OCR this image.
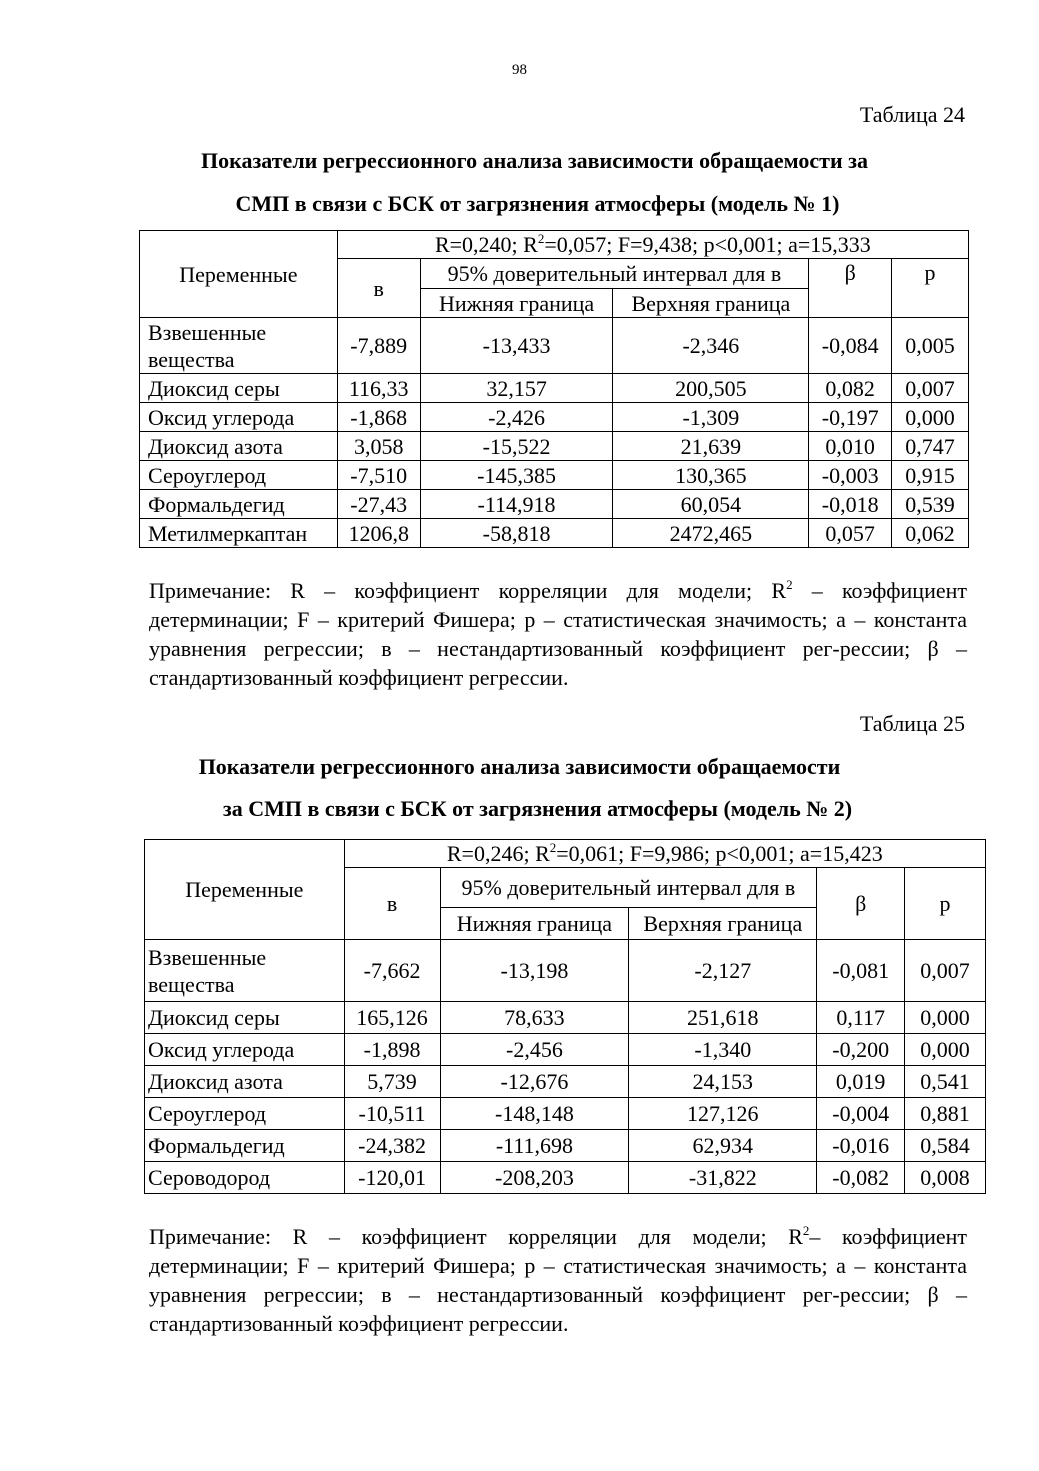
98
Таблица 24
Показатели регрессионного анализа зависимости обращаемости за
СМП в связи с БСК от загрязнения атмосферы (модель № 1)
Переменные	R=0,240; $R^2=0,057$; F=9,438; р<0,001; а=15,333				
	в	95% доверительный интервал для в		β	р
		Нижняя граница	Верхняя граница		
Взвешенные вещества	-7,889	-13,433	-2,346	-0,084	0,005
Диоксид серы	116,33	32,157	200,505	0,082	0,007
Оксид углерода	-1,868	-2,426	-1,309	-0,197	0,000
Диоксид азота	3,058	-15,522	21,639	0,010	0,747
Сероуглерод	-7,510	-145,385	130,365	-0,003	0,915
Формальдегид	-27,43	-114,918	60,054	-0,018	0,539
Метилмеркаптан	1206,8	-58,818	2472,465	0,057	0,062
Примечание: R – коэффициент корреляции для модели; $R^2$ – коэффициент детерминации; F – критерий Фишера; р – статистическая значимость; а – константа уравнения регрессии; в – нестандартизованный коэффициент рег-рессии; β – стандартизованный коэффициент регрессии.
Таблица 25
Показатели регрессионного анализа зависимости обращаемости
за СМП в связи с БСК от загрязнения атмосферы (модель № 2)
Переменные	R=0,246; $R^2=0,061$; F=9,986; р<0,001; а=15,423				
	в	95% доверительный интервал для в		β	р
		Нижняя граница	Верхняя граница		
Взвешенные вещества	-7,662	-13,198	-2,127	-0,081	0,007
Диоксид серы	165,126	78,633	251,618	0,117	0,000
Оксид углерода	-1,898	-2,456	-1,340	-0,200	0,000
Диоксид азота	5,739	-12,676	24,153	0,019	0,541
Сероуглерод	-10,511	-148,148	127,126	-0,004	0,881
Формальдегид	-24,382	-111,698	62,934	-0,016	0,584
Сероводород	-120,01	-208,203	-31,822	-0,082	0,008
Примечание: R – коэффициент корреляции для модели; $R^2-$ коэффициент детерминации; F – критерий Фишера; р – статистическая значимость; а – константа уравнения регрессии; в – нестандартизованный коэффициент рег-рессии; β – стандартизованный коэффициент регрессии.
